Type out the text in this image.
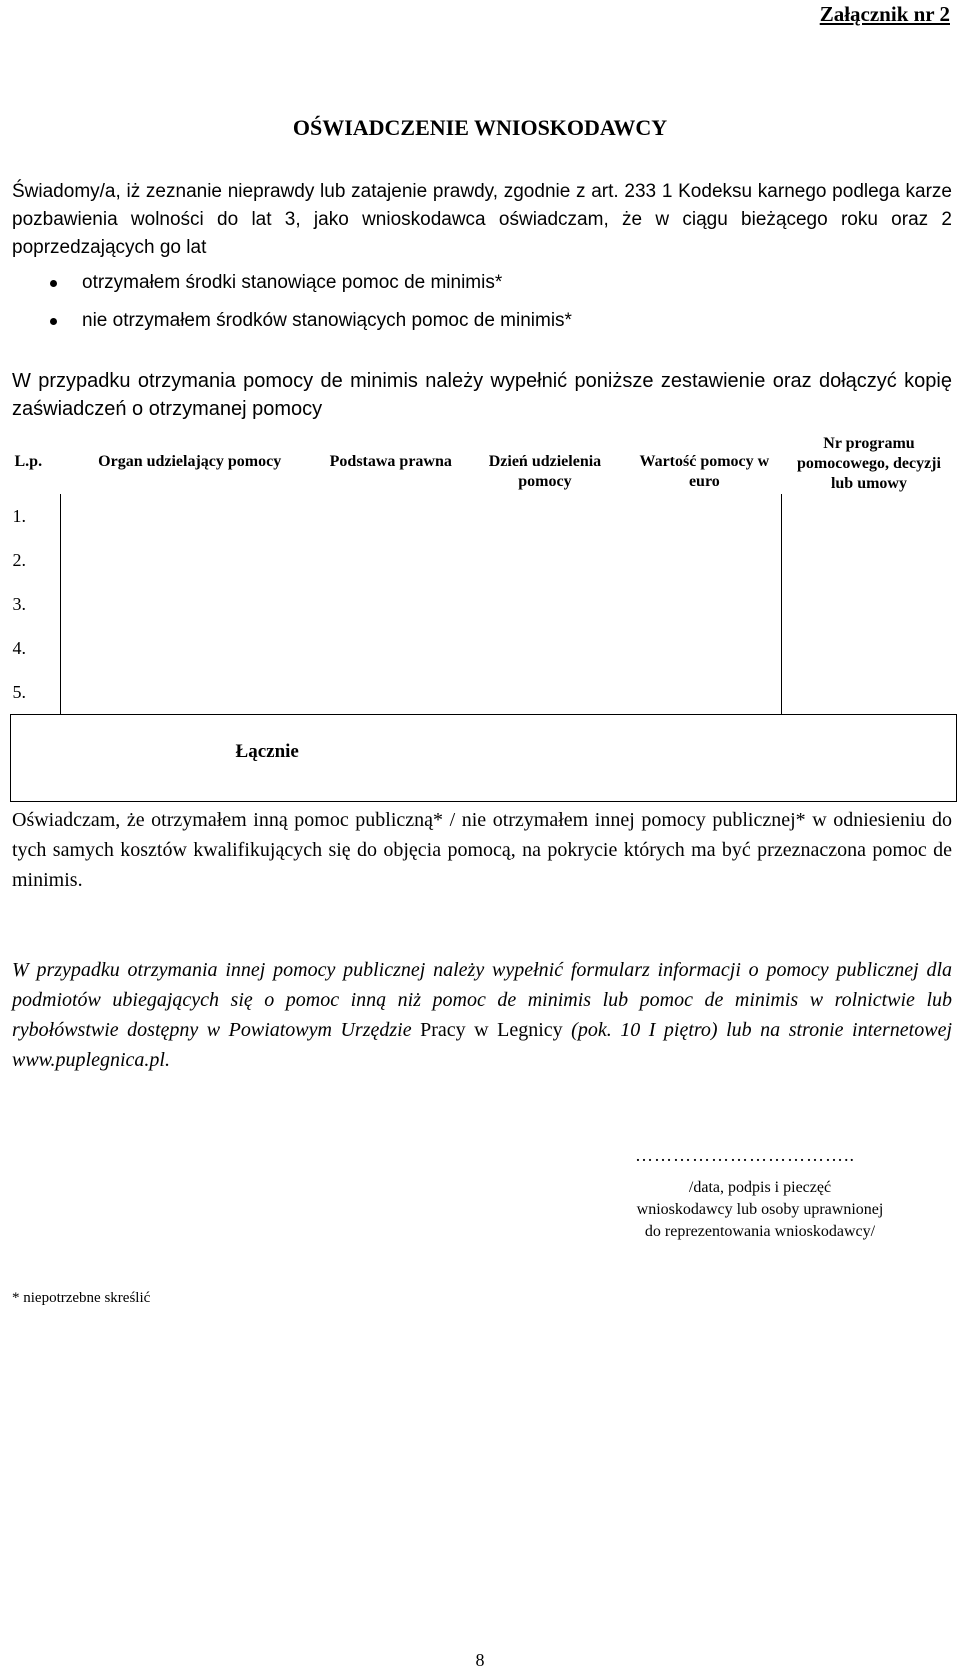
Załącznik nr 2
OŚWIADCZENIE WNIOSKODAWCY
Świadomy/a, iż zeznanie nieprawdy lub zatajenie prawdy, zgodnie z art. 233 1 Kodeksu karnego podlega karze pozbawienia wolności do lat 3, jako wnioskodawca oświadczam, że w ciągu bieżącego roku oraz 2 poprzedzających go lat
otrzymałem środki stanowiące pomoc de minimis*
nie otrzymałem środków stanowiących pomoc de minimis*
W przypadku otrzymania pomocy de minimis należy wypełnić poniższe zestawienie oraz dołączyć kopię zaświadczeń o otrzymanej pomocy
L.p.	Organ udzielający pomocy	Podstawa prawna	Dzień udzielenia pomocy	Wartość pomocy w euro	Nr programu pomocowego, decyzji lub umowy
1.					
2.					
3.					
4.					
5.					
	Łącznie				
Oświadczam, że otrzymałem inną pomoc publiczną* / nie otrzymałem innej pomocy publicznej* w odniesieniu do tych samych kosztów kwalifikujących się do objęcia pomocą, na pokrycie których ma być przeznaczona pomoc de minimis.
W przypadku otrzymania innej pomocy publicznej należy wypełnić formularz informacji o pomocy publicznej dla podmiotów ubiegających się o pomoc inną niż pomoc de minimis lub pomoc de minimis w rolnictwie lub rybołówstwie dostępny w Powiatowym Urzędzie Pracy w Legnicy (pok. 10 I piętro) lub na stronie internetowej www.puplegnica.pl.
……………………………..
/data, podpis i pieczęć
wnioskodawcy lub osoby uprawnionej
do reprezentowania wnioskodawcy/
* niepotrzebne skreślić
8
